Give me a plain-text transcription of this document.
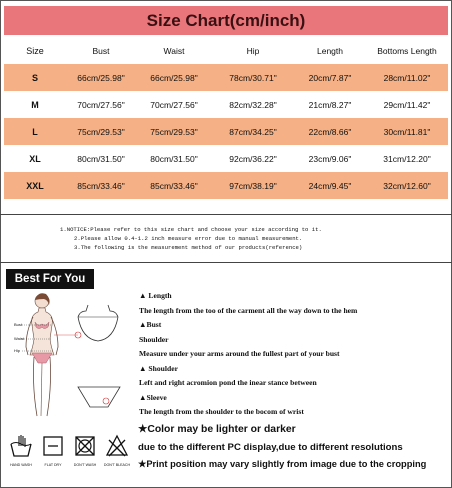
Size Chart(cm/inch)
Size	Bust	Waist	Hip	Length	Bottoms Length
S	66cm/25.98"	66cm/25.98"	78cm/30.71"	20cm/7.87"	28cm/11.02"
M	70cm/27.56"	70cm/27.56"	82cm/32.28"	21cm/8.27"	29cm/11.42"
L	75cm/29.53"	75cm/29.53"	87cm/34.25"	22cm/8.66"	30cm/11.81"
XL	80cm/31.50"	80cm/31.50"	92cm/36.22"	23cm/9.06"	31cm/12.20"
XXL	85cm/33.46"	85cm/33.46"	97cm/38.19"	24cm/9.45"	32cm/12.60"
1.NOTICE:Please refer to this size chart and choose your size according to it.
2.Please allow 0.4-1.2 inch measure error due to manual measurement.
3.The following is the measurement method of our products(reference)
Best For You
Bust
Waist
Hip
▲ Length
The length from the too of the carment all the way down to the hem
▲Bust
Shoulder
Measure under your arms around the fullest part of your bust
▲ Shoulder
Left and right acromion pond the inear stance between
▲Sleeve
The length from the shoulder to the bocom of wrist
HAND WASH	FLAT DRY	DON'T WASH	DON'T BLEACH
★Color may be lighter or darker
due to the different PC display,due to different resolutions
★Print position may vary slightly from image due to the cropping
